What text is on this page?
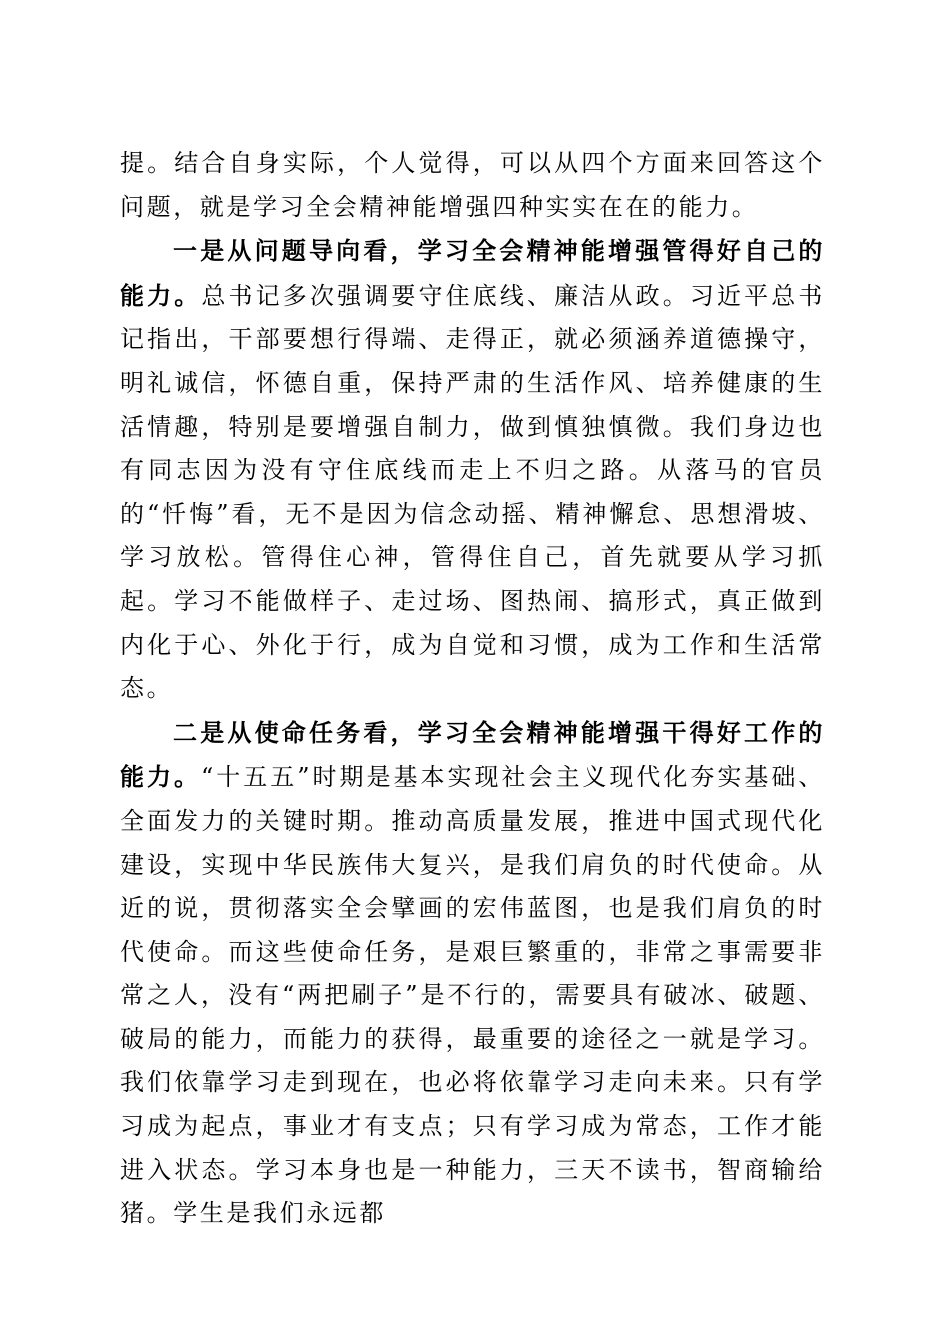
提。结合自身实际，个人觉得，可以从四个方面来回答这个问题，就是学习全会精神能增强四种实实在在的能力。

一是从问题导向看，学习全会精神能增强管得好自己的能力。总书记多次强调要守住底线、廉洁从政。习近平总书记指出，干部要想行得端、走得正，就必须涵养道德操守，明礼诚信，怀德自重，保持严肃的生活作风、培养健康的生活情趣，特别是要增强自制力，做到慎独慎微。我们身边也有同志因为没有守住底线而走上不归之路。从落马的官员的“忏悔”看，无不是因为信念动摇、精神懈怠、思想滑坡、学习放松。管得住心神，管得住自己，首先就要从学习抓起。学习不能做样子、走过场、图热闹、搞形式，真正做到内化于心、外化于行，成为自觉和习惯，成为工作和生活常态。

二是从使命任务看，学习全会精神能增强干得好工作的能力。“十五五”时期是基本实现社会主义现代化夯实基础、全面发力的关键时期。推动高质量发展，推进中国式现代化建设，实现中华民族伟大复兴，是我们肩负的时代使命。从近的说，贯彻落实全会擘画的宏伟蓝图，也是我们肩负的时代使命。而这些使命任务，是艰巨繁重的，非常之事需要非常之人，没有“两把刷子”是不行的，需要具有破冰、破题、破局的能力，而能力的获得，最重要的途径之一就是学习。我们依靠学习走到现在，也必将依靠学习走向未来。只有学习成为起点，事业才有支点；只有学习成为常态，工作才能进入状态。学习本身也是一种能力，三天不读书，智商输给猪。学生是我们永远都
